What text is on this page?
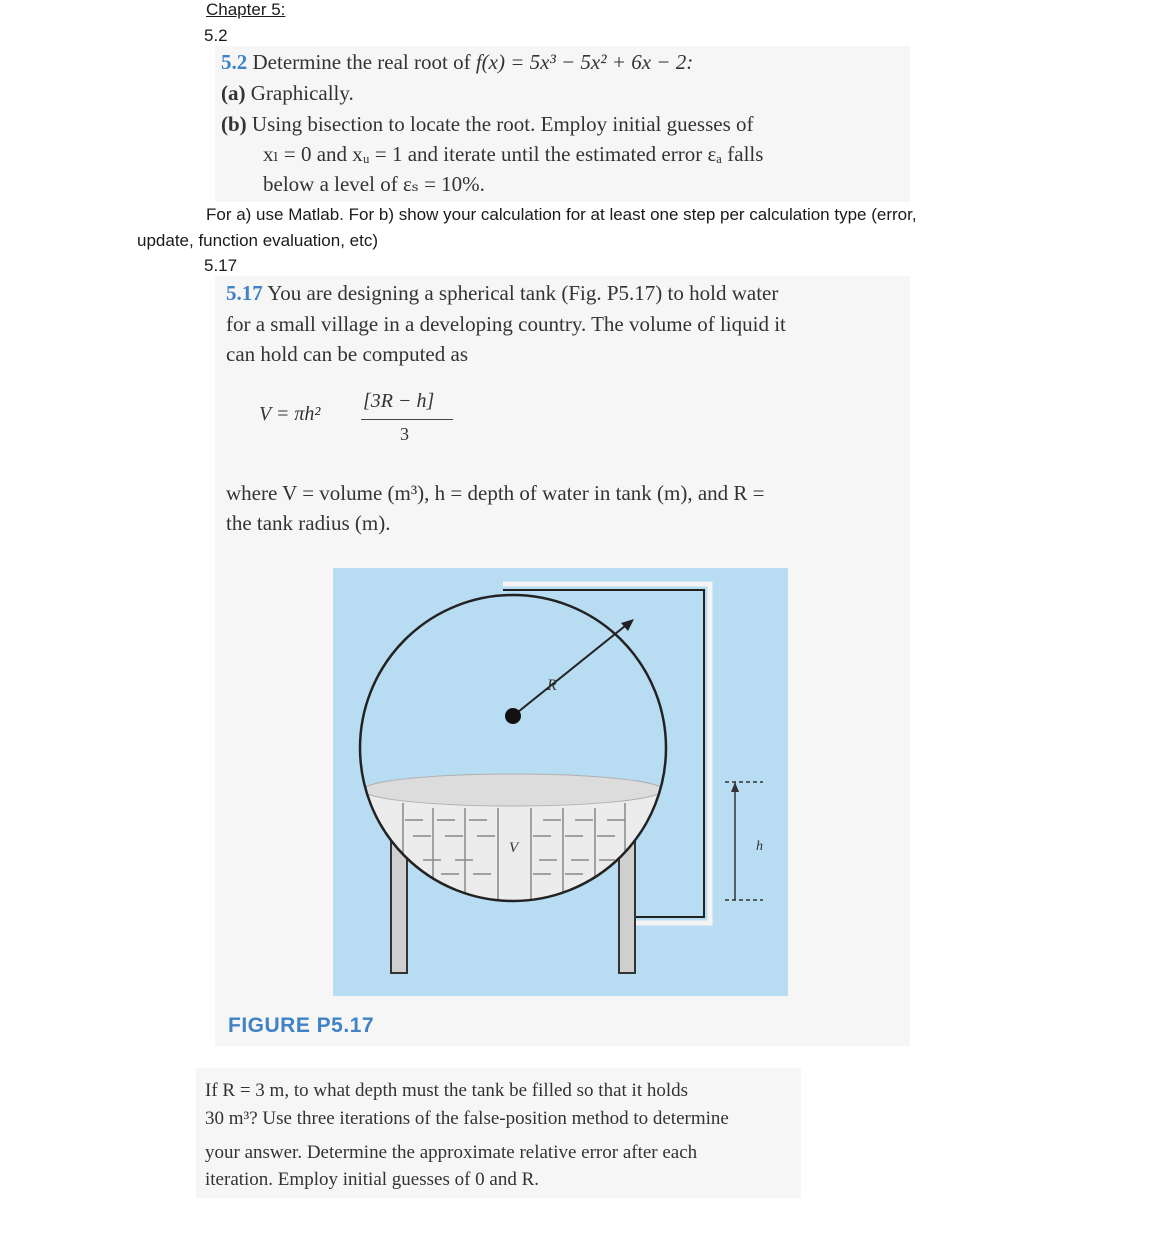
Chapter 5:
5.2
5.2 Determine the real root of f(x) = 5x³ − 5x² + 6x − 2:
(a) Graphically.
(b) Using bisection to locate the root. Employ initial guesses of
xₗ = 0 and xᵤ = 1 and iterate until the estimated error εₐ falls
below a level of εₛ = 10%.
For a) use Matlab. For b) show your calculation for at least one step per calculation type (error,
update, function evaluation, etc)
5.17
5.17 You are designing a spherical tank (Fig. P5.17) to hold water
for a small village in a developing country. The volume of liquid it
can hold can be computed as
V = πh²
[3R − h]
3
where V = volume (m³), h = depth of water in tank (m), and R =
the tank radius (m).
R
V	h
FIGURE P5.17
If R = 3 m, to what depth must the tank be filled so that it holds
30 m³? Use three iterations of the false-position method to determine
your answer. Determine the approximate relative error after each
iteration. Employ initial guesses of 0 and R.
